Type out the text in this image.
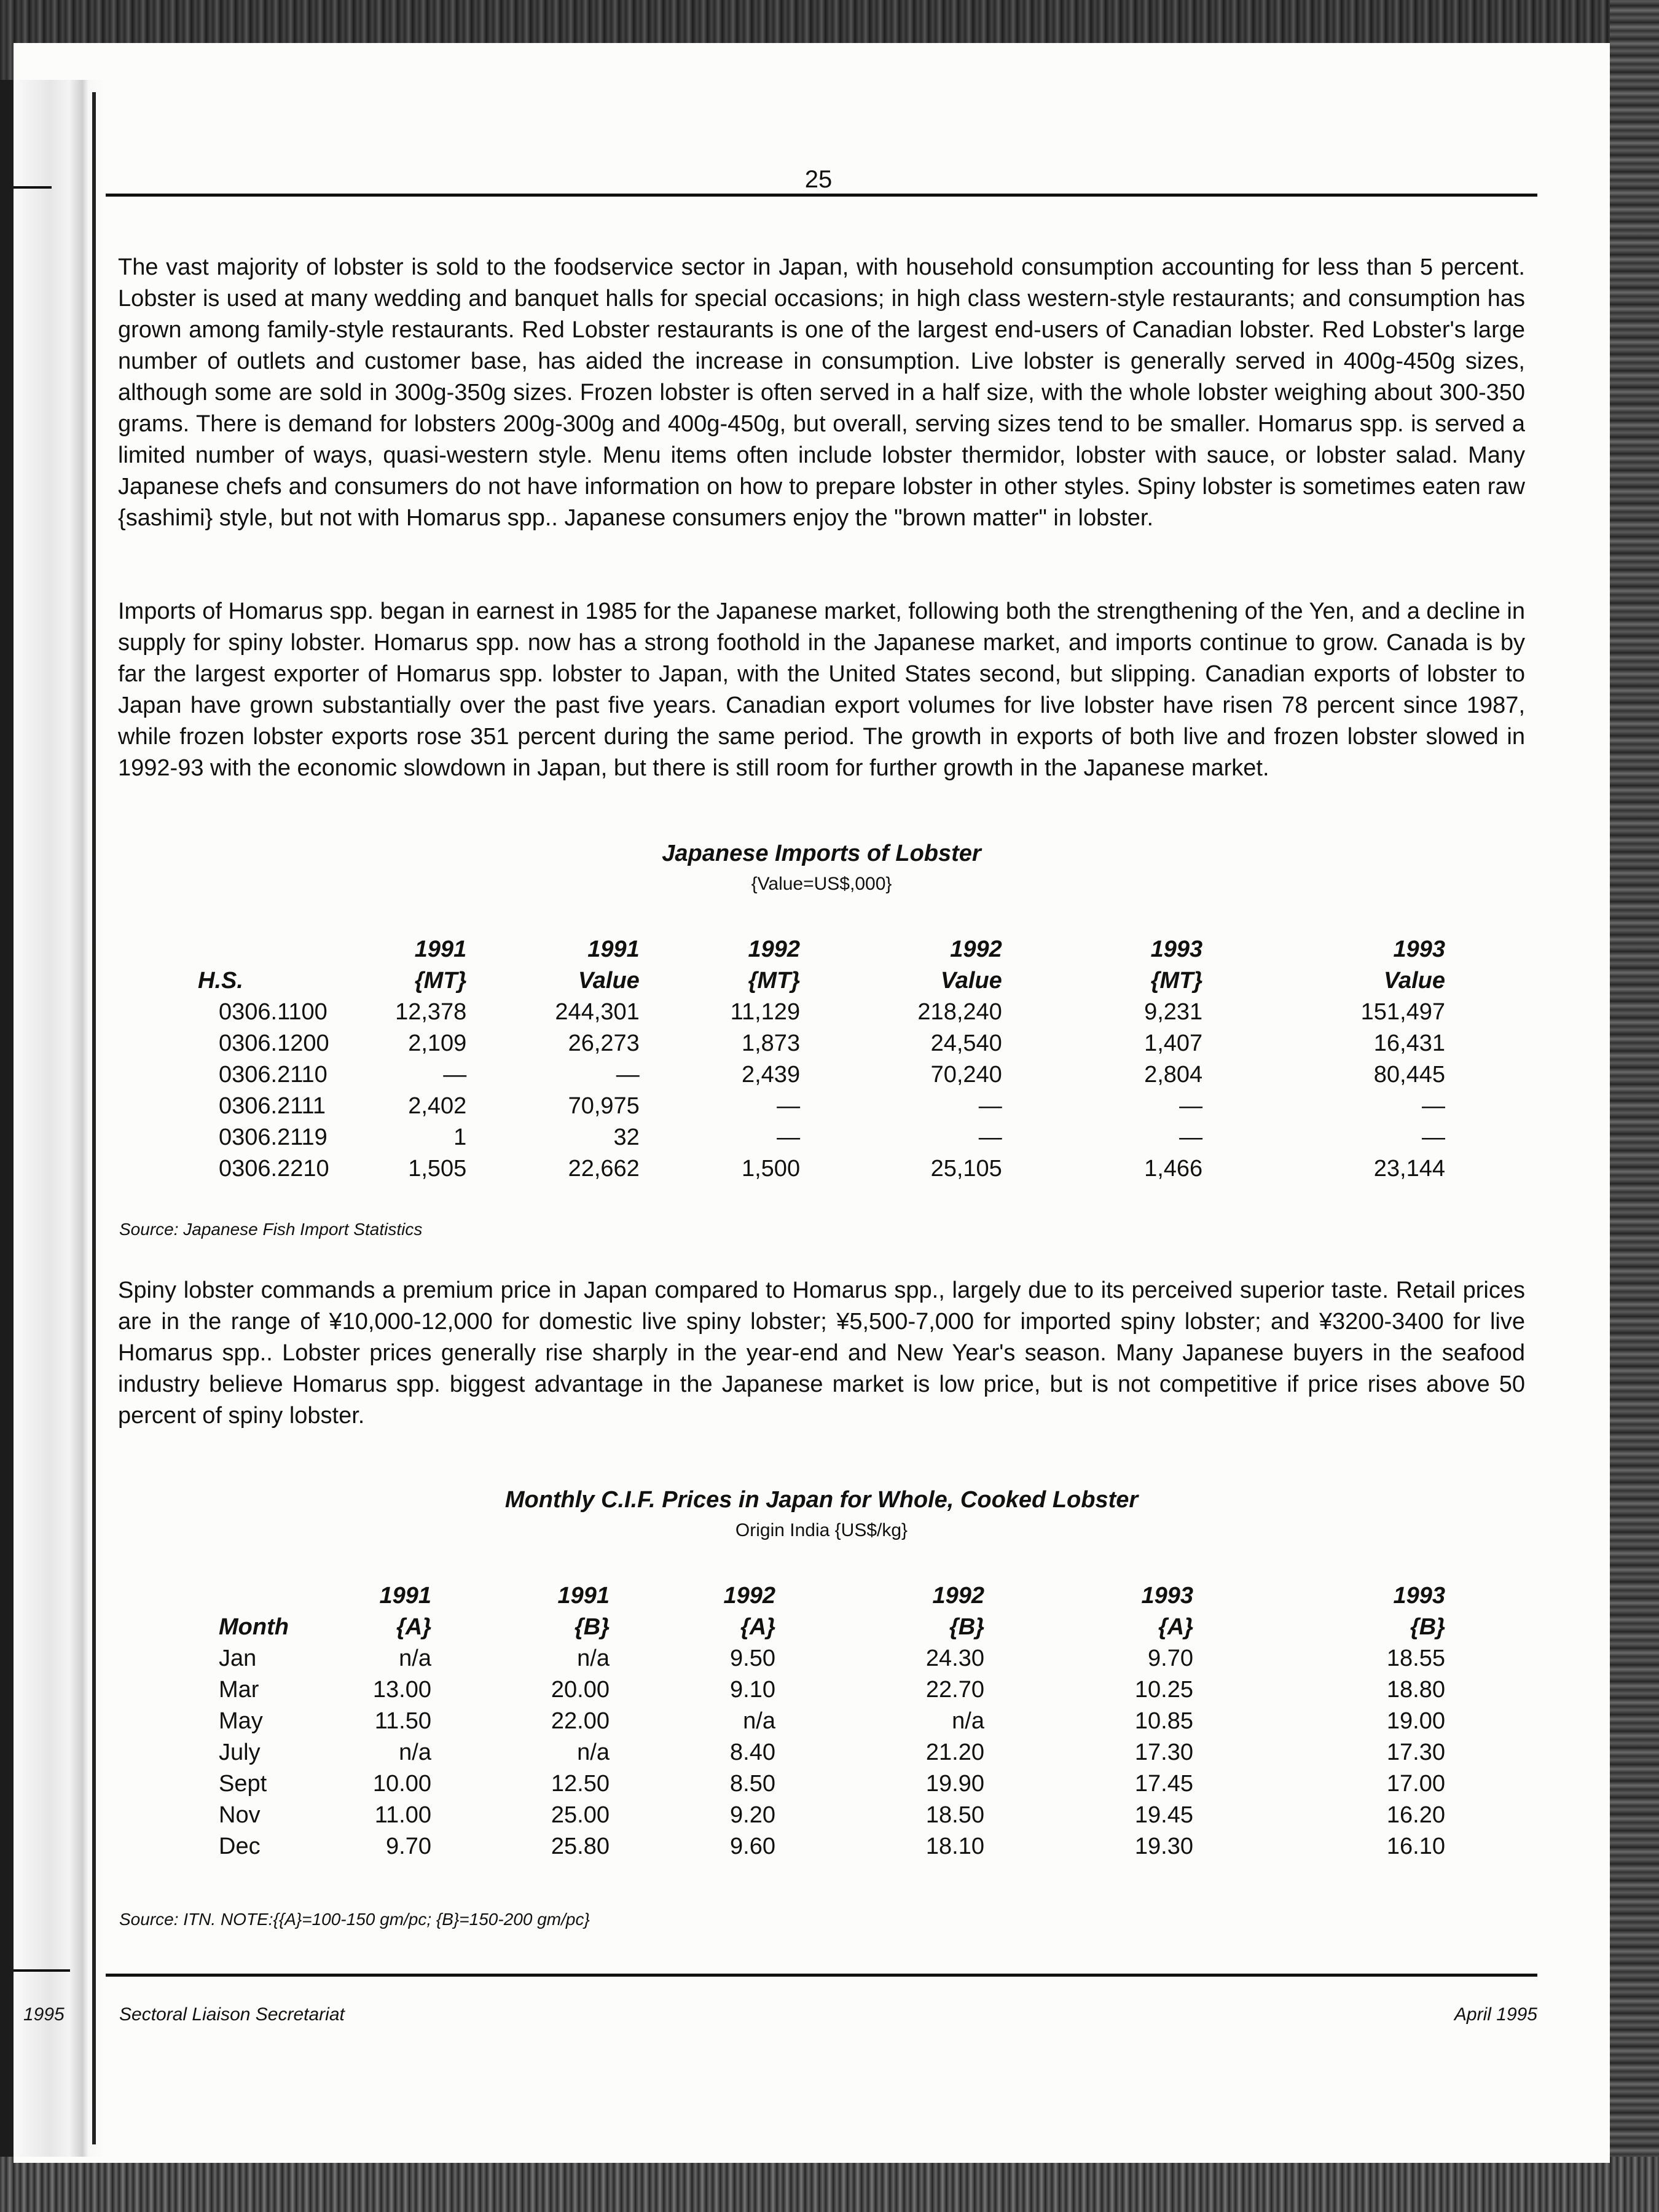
25

The vast majority of lobster is sold to the foodservice sector in Japan, with household consumption accounting for less than 5 percent. Lobster is used at many wedding and banquet halls for special occasions; in high class western-style restaurants; and consumption has grown among family-style restaurants. Red Lobster restaurants is one of the largest end-users of Canadian lobster. Red Lobster's large number of outlets and customer base, has aided the increase in consumption. Live lobster is generally served in 400g-450g sizes, although some are sold in 300g-350g sizes. Frozen lobster is often served in a half size, with the whole lobster weighing about 300-350 grams. There is demand for lobsters 200g-300g and 400g-450g, but overall, serving sizes tend to be smaller. Homarus spp. is served a limited number of ways, quasi-western style. Menu items often include lobster thermidor, lobster with sauce, or lobster salad. Many Japanese chefs and consumers do not have information on how to prepare lobster in other styles. Spiny lobster is sometimes eaten raw {sashimi} style, but not with Homarus spp.. Japanese consumers enjoy the "brown matter" in lobster.

Imports of Homarus spp. began in earnest in 1985 for the Japanese market, following both the strengthening of the Yen, and a decline in supply for spiny lobster. Homarus spp. now has a strong foothold in the Japanese market, and imports continue to grow. Canada is by far the largest exporter of Homarus spp. lobster to Japan, with the United States second, but slipping. Canadian exports of lobster to Japan have grown substantially over the past five years. Canadian export volumes for live lobster have risen 78 percent since 1987, while frozen lobster exports rose 351 percent during the same period. The growth in exports of both live and frozen lobster slowed in 1992-93 with the economic slowdown in Japan, but there is still room for further growth in the Japanese market.

Japanese Imports of Lobster
{Value=US$,000}
	1991	1991	1992	1992	1993	1993
H.S.	{MT}	Value	{MT}	Value	{MT}	Value
0306.1100	12,378	244,301	11,129	218,240	9,231	151,497
0306.1200	2,109	26,273	1,873	24,540	1,407	16,431
0306.2110	—	—	2,439	70,240	2,804	80,445
0306.2111	2,402	70,975	—	—	—	—
0306.2119	1	32	—	—	—	—
0306.2210	1,505	22,662	1,500	25,105	1,466	23,144
Source: Japanese Fish Import Statistics

Spiny lobster commands a premium price in Japan compared to Homarus spp., largely due to its perceived superior taste. Retail prices are in the range of ¥10,000-12,000 for domestic live spiny lobster; ¥5,500-7,000 for imported spiny lobster; and ¥3200-3400 for live Homarus spp.. Lobster prices generally rise sharply in the year-end and New Year's season. Many Japanese buyers in the seafood industry believe Homarus spp. biggest advantage in the Japanese market is low price, but is not competitive if price rises above 50 percent of spiny lobster.

Monthly C.I.F. Prices in Japan for Whole, Cooked Lobster
Origin India {US$/kg}
	1991	1991	1992	1992	1993	1993
Month	{A}	{B}	{A}	{B}	{A}	{B}
Jan	n/a	n/a	9.50	24.30	9.70	18.55
Mar	13.00	20.00	9.10	22.70	10.25	18.80
May	11.50	22.00	n/a	n/a	10.85	19.00
July	n/a	n/a	8.40	21.20	17.30	17.30
Sept	10.00	12.50	8.50	19.90	17.45	17.00
Nov	11.00	25.00	9.20	18.50	19.45	16.20
Dec	9.70	25.80	9.60	18.10	19.30	16.10
Source: ITN. NOTE:{{A}=100-150 gm/pc; {B}=150-200 gm/pc}
1995	Sectoral Liaison Secretariat	April 1995
